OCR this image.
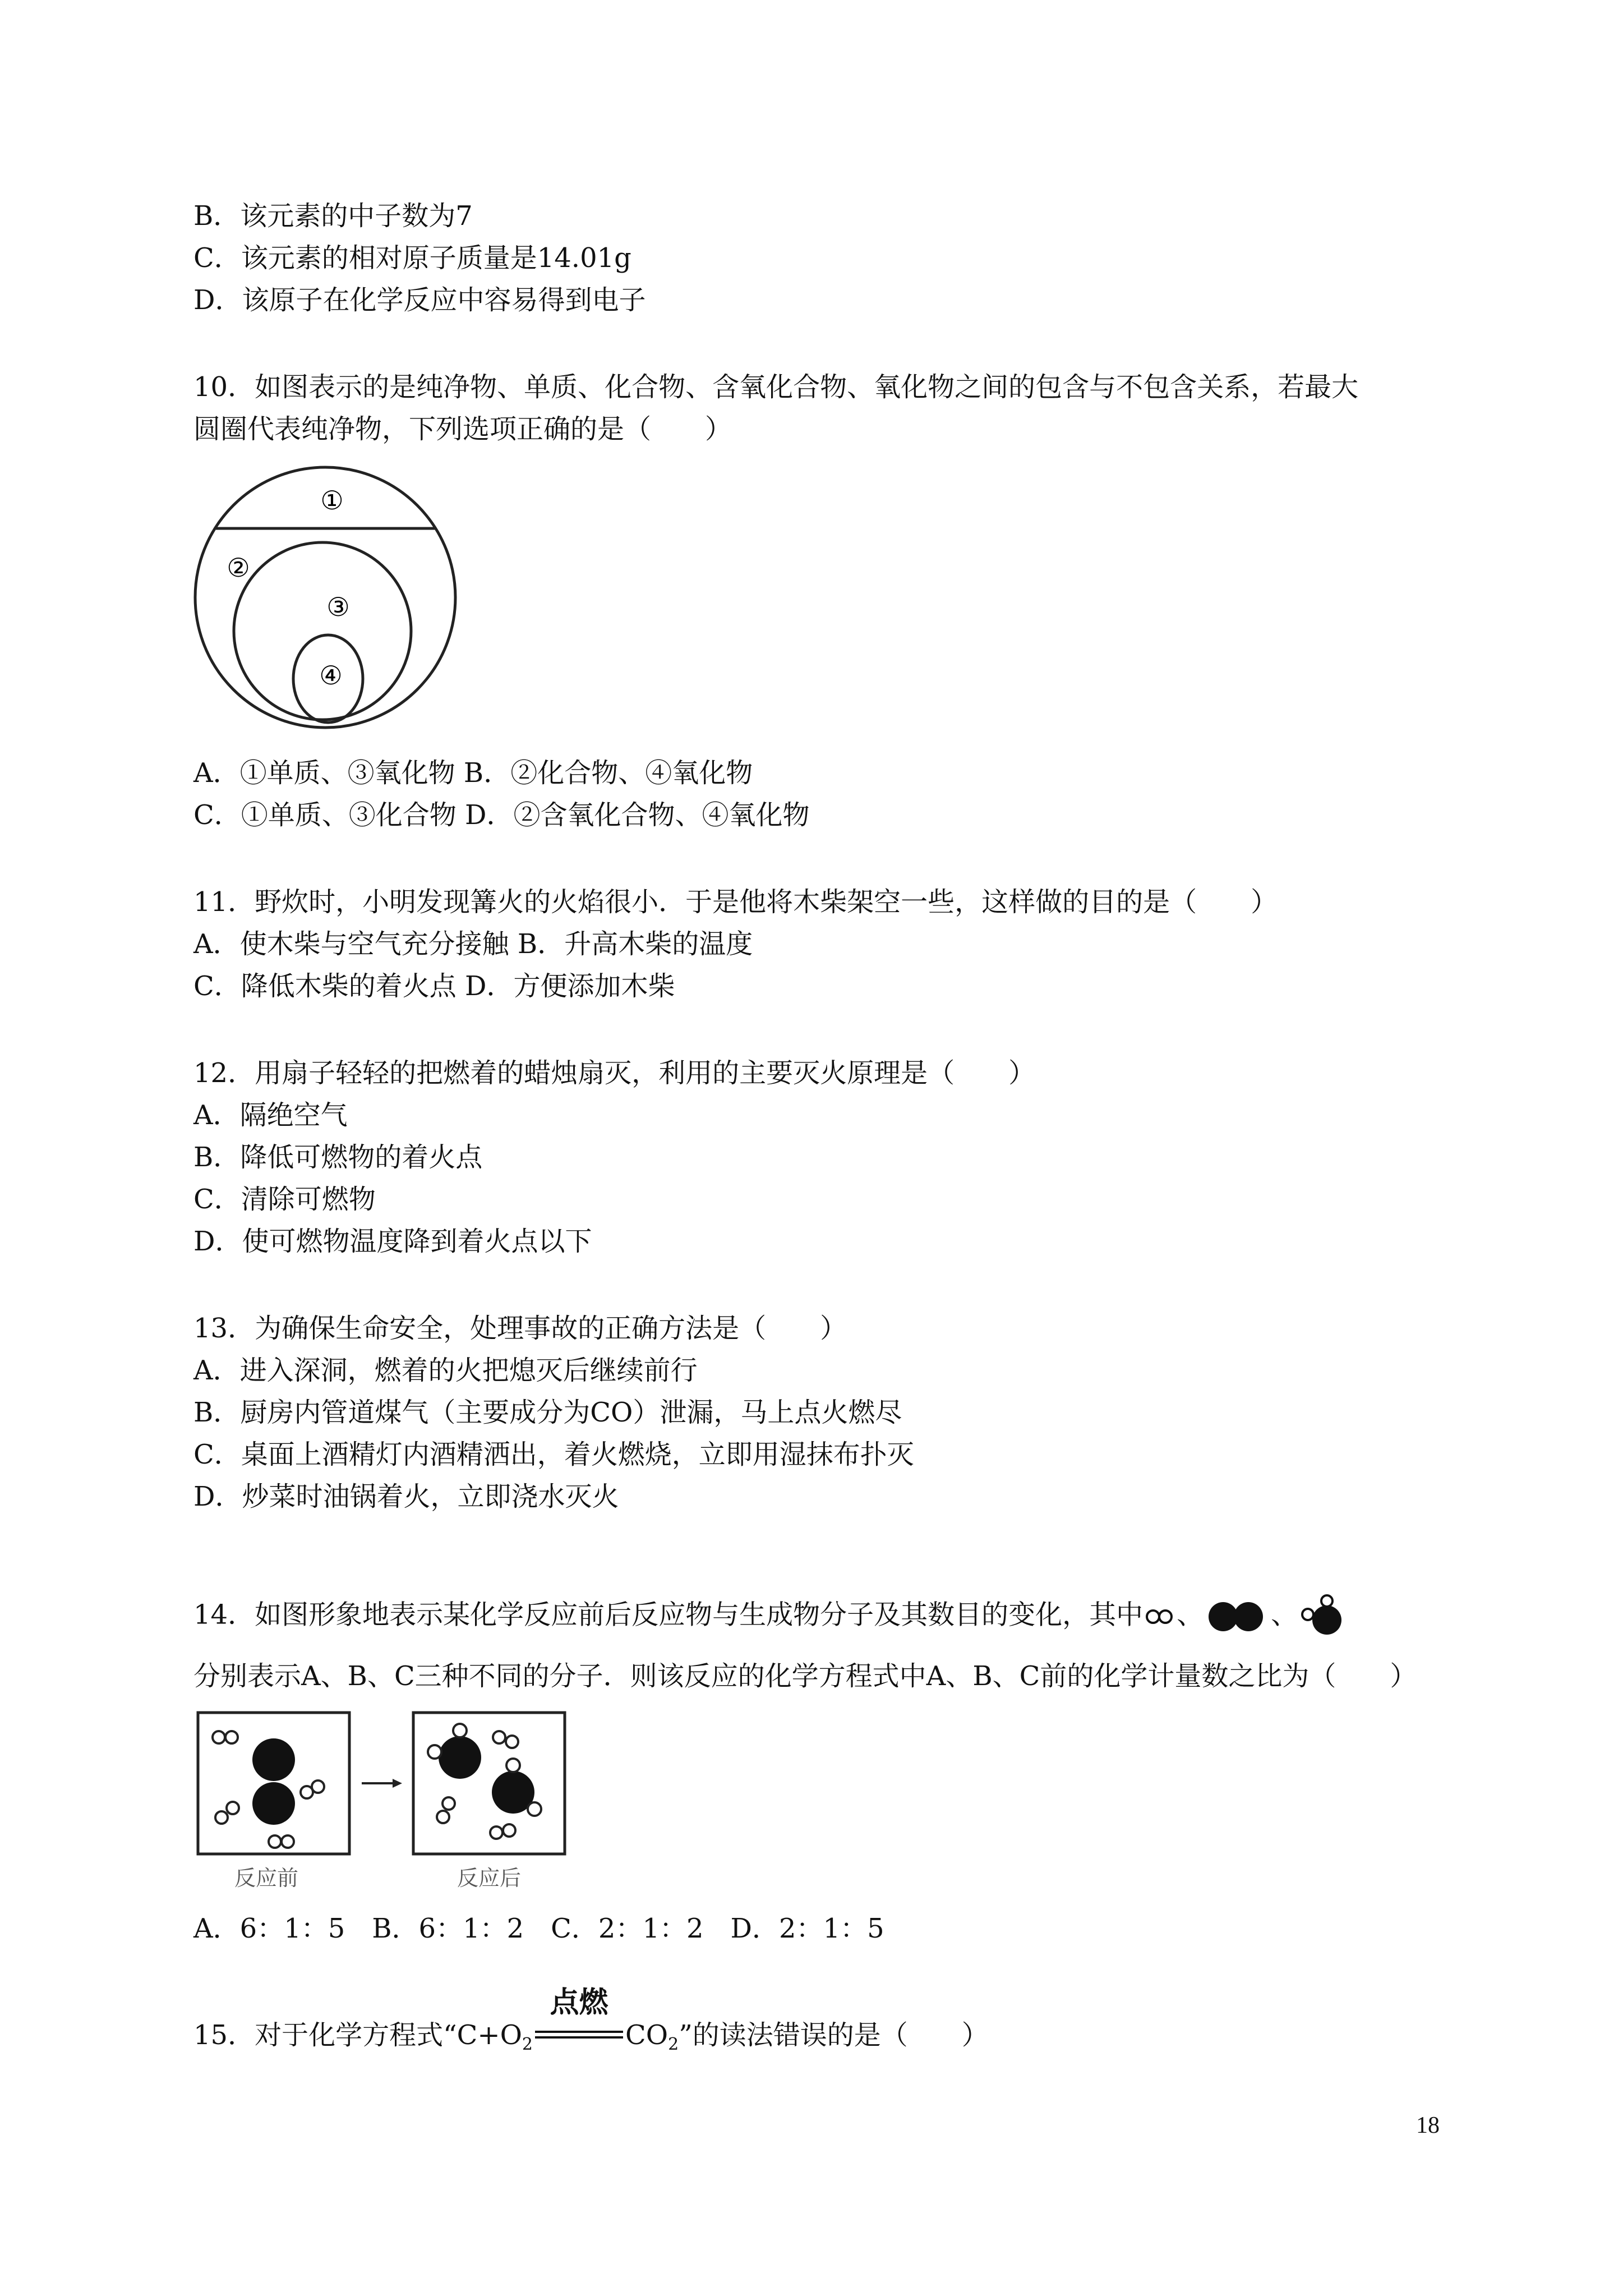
B．该元素的中子数为7
C．该元素的相对原子质量是14.01g
D．该原子在化学反应中容易得到电子
10．如图表示的是纯净物、单质、化合物、含氧化合物、氧化物之间的包含与不包含关系，若最大
圆圈代表纯净物，下列选项正确的是（　　）
①
②
③
④
A．①单质、③氧化物 B．②化合物、④氧化物
C．①单质、③化合物 D．②含氧化合物、④氧化物
11．野炊时，小明发现篝火的火焰很小．于是他将木柴架空一些，这样做的目的是（　　）
A．使木柴与空气充分接触 B．升高木柴的温度
C．降低木柴的着火点 D．方便添加木柴
12．用扇子轻轻的把燃着的蜡烛扇灭，利用的主要灭火原理是（　　）
A．隔绝空气
B．降低可燃物的着火点
C．清除可燃物
D．使可燃物温度降到着火点以下
13．为确保生命安全，处理事故的正确方法是（　　）
A．进入深洞，燃着的火把熄灭后继续前行
B．厨房内管道煤气（主要成分为CO）泄漏，马上点火燃尽
C．桌面上酒精灯内酒精洒出，着火燃烧，立即用湿抹布扑灭
D．炒菜时油锅着火，立即浇水灭火
14．如图形象地表示某化学反应前后反应物与生成物分子及其数目的变化，其中 、	、
分别表示A、B、C三种不同的分子．则该反应的化学方程式中A、B、C前的化学计量数之比为（　　）
反应前	反应后
A．6：1：5　B．6：1：2　C．2：1：2　D．2：1：5
15．对于化学方程式“$C+O_2$
点燃
$CO_2$”的读法错误的是（　　）
18
